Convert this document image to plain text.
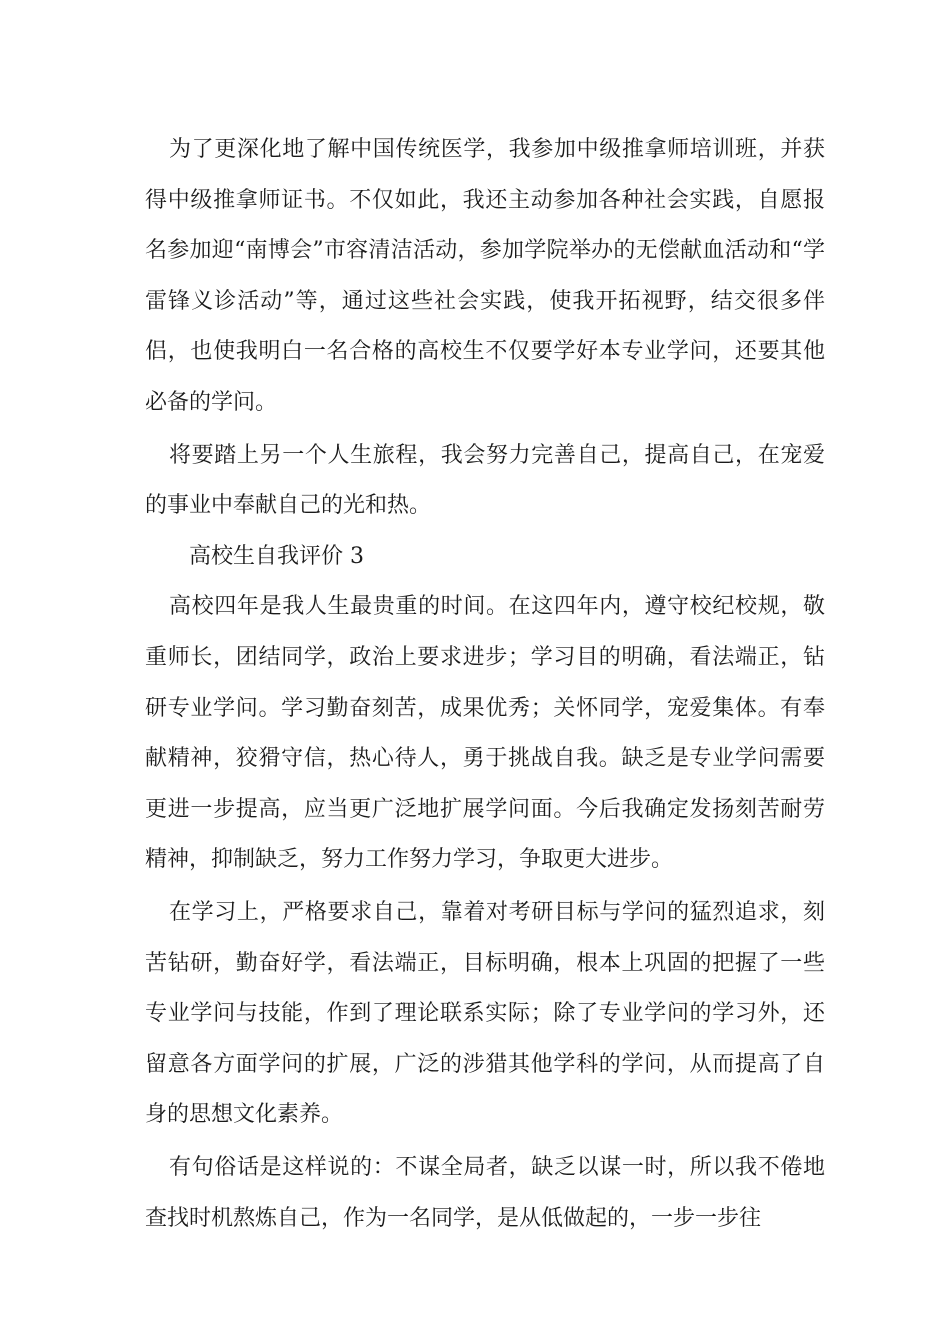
为了更深化地了解中国传统医学，我参加中级推拿师培训班，并获得中级推拿师证书。不仅如此，我还主动参加各种社会实践，自愿报名参加迎“南博会”市容清洁活动，参加学院举办的无偿献血活动和“学雷锋义诊活动”等，通过这些社会实践，使我开拓视野，结交很多伴侣，也使我明白一名合格的高校生不仅要学好本专业学问，还要其他必备的学问。

将要踏上另一个人生旅程，我会努力完善自己，提高自己，在宠爱的事业中奉献自己的光和热。

高校生自我评价 3

高校四年是我人生最贵重的时间。在这四年内，遵守校纪校规，敬重师长，团结同学，政治上要求进步；学习目的明确，看法端正，钻研专业学问。学习勤奋刻苦，成果优秀；关怀同学，宠爱集体。有奉献精神，狡猾守信，热心待人，勇于挑战自我。缺乏是专业学问需要更进一步提高，应当更广泛地扩展学问面。今后我确定发扬刻苦耐劳精神，抑制缺乏，努力工作努力学习，争取更大进步。

在学习上，严格要求自己，靠着对考研目标与学问的猛烈追求，刻苦钻研，勤奋好学，看法端正，目标明确，根本上巩固的把握了一些专业学问与技能，作到了理论联系实际；除了专业学问的学习外，还留意各方面学问的扩展，广泛的涉猎其他学科的学问，从而提高了自身的思想文化素养。

有句俗话是这样说的：不谋全局者，缺乏以谋一时，所以我不倦地查找时机熬炼自己，作为一名同学，是从低做起的，一步一步往
